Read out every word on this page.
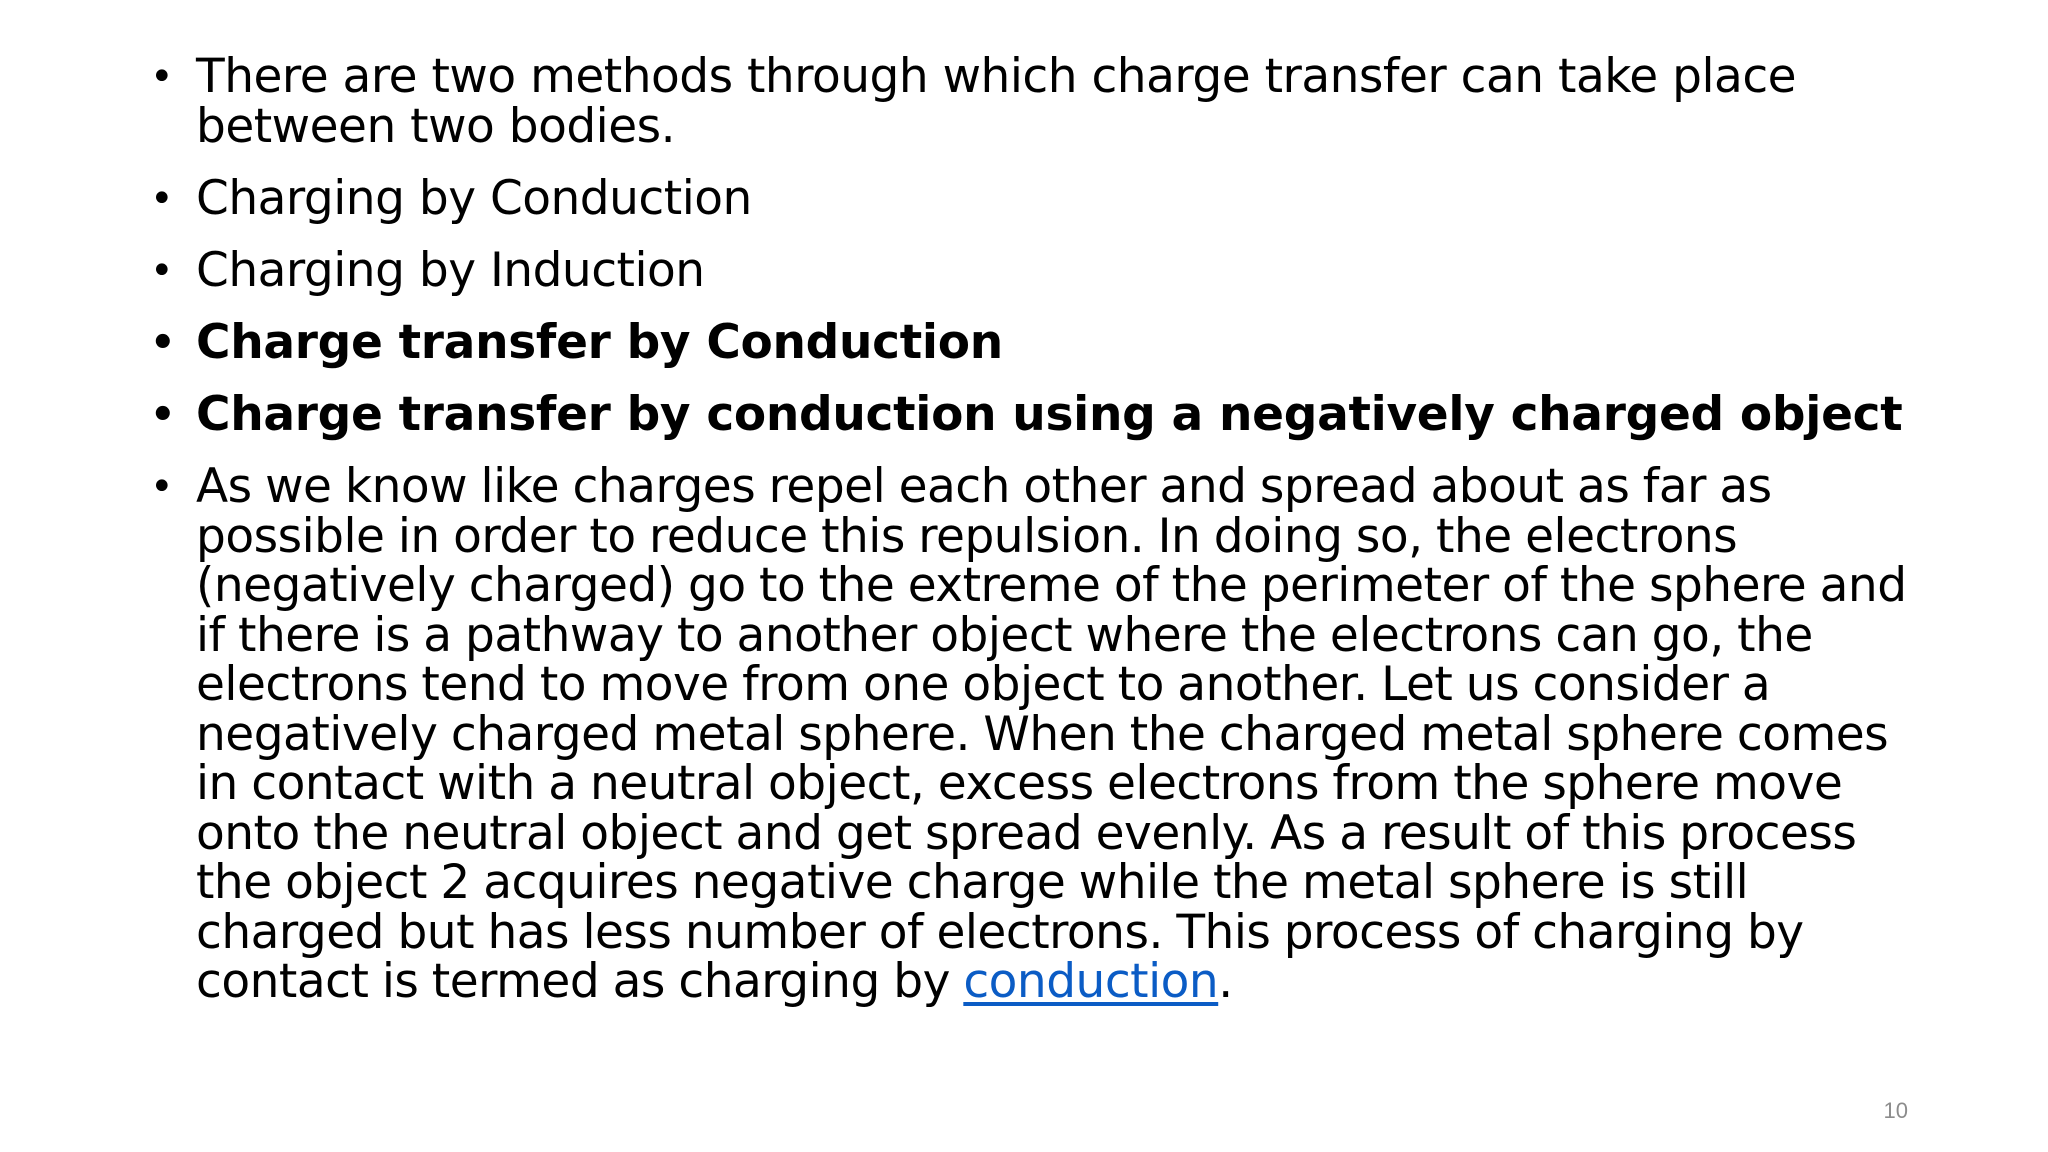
• There are two methods through which charge transfer can take place between two bodies.
• Charging by Conduction
• Charging by Induction
• Charge transfer by Conduction
• Charge transfer by conduction using a negatively charged object
• As we know like charges repel each other and spread about as far as possible in order to reduce this repulsion. In doing so, the electrons (negatively charged) go to the extreme of the perimeter of the sphere and if there is a pathway to another object where the electrons can go, the electrons tend to move from one object to another. Let us consider a negatively charged metal sphere. When the charged metal sphere comes in contact with a neutral object, excess electrons from the sphere move onto the neutral object and get spread evenly. As a result of this process the object 2 acquires negative charge while the metal sphere is still charged but has less number of electrons. This process of charging by contact is termed as charging by conduction.
10
